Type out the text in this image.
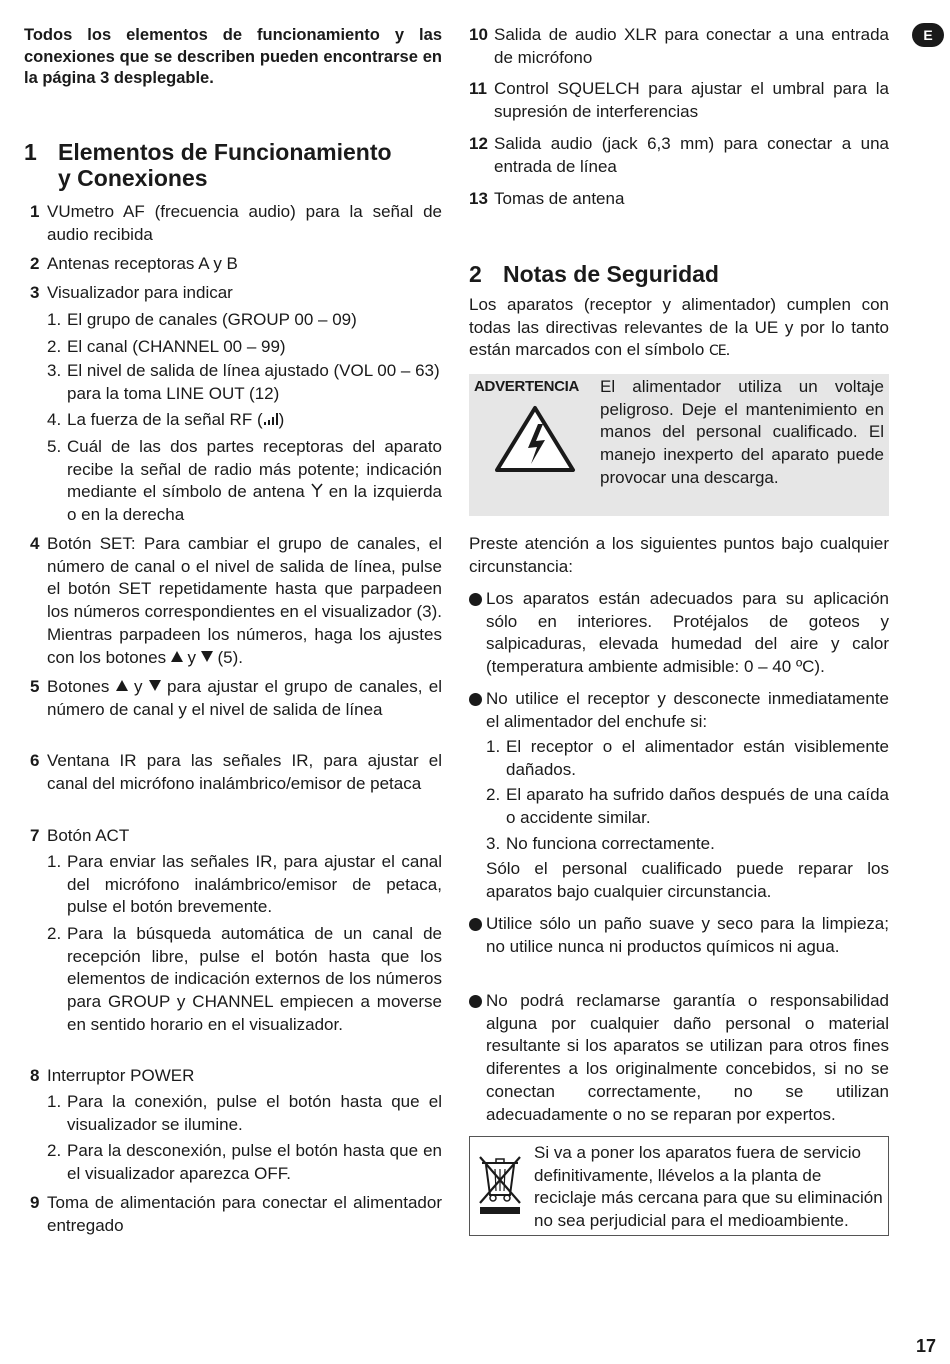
E
17

Todos los elementos de funcionamiento y las conexiones que se describen pueden encontrarse en la página 3 desplegable.

1 Elementos de Funcionamiento
y Conexiones
1 VUmetro AF (frecuencia audio) para la señal de audio recibida
2 Antenas receptoras A y B
3 Visualizador para indicar
1. El grupo de canales (GROUP 00 – 09)
2. El canal (CHANNEL 00 – 99)
3. El nivel de salida de línea ajustado (VOL 00 – 63) para la toma LINE OUT (12)
4. La fuerza de la señal RF ( )
5. Cuál de las dos partes receptoras del aparato recibe la señal de radio más potente; indicación mediante el símbolo de antena  en la izquierda o en la derecha
4 Botón SET: Para cambiar el grupo de canales, el número de canal o el nivel de salida de línea, pulse el botón SET repetidamente hasta que parpadeen los números correspondientes en el visualizador (3). Mientras parpadeen los números, haga los ajustes con los botones  y  (5).
5 Botones  y  para ajustar el grupo de canales, el número de canal y el nivel de salida de línea
6 Ventana IR para las señales IR, para ajustar el canal del micrófono inalámbrico/emisor de petaca
7 Botón ACT
1. Para enviar las señales IR, para ajustar el canal del micrófono inalámbrico/emisor de petaca, pulse el botón brevemente.
2. Para la búsqueda automática de un canal de recepción libre, pulse el botón hasta que los elementos de indicación externos de los números para GROUP y CHANNEL empiecen a moverse en sentido horario en el visualizador.
8 Interruptor POWER
1. Para la conexión, pulse el botón hasta que el visualizador se ilumine.
2. Para la desconexión, pulse el botón hasta que en el visualizador aparezca OFF.
9 Toma de alimentación para conectar el alimentador entregado
10 Salida de audio XLR para conectar a una entrada de micrófono
11 Control SQUELCH para ajustar el umbral para la supresión de interferencias
12 Salida audio (jack 6,3 mm) para conectar a una entrada de línea
13 Tomas de antena
2 Notas de Seguridad

Los aparatos (receptor y alimentador) cumplen con todas las directivas relevantes de la UE y por lo tanto están marcados con el símbolo CE.

ADVERTENCIA El alimentador utiliza un voltaje peligroso. Deje el mantenimiento en manos del personal cualificado. El manejo inexperto del aparato puede provocar una descarga.

Preste atención a los siguientes puntos bajo cualquier circunstancia:

Los aparatos están adecuados para su aplicación sólo en interiores. Protéjalos de goteos y salpicaduras, elevada humedad del aire y calor (temperatura ambiente admisible: 0 – 40 ºC).
No utilice el receptor y desconecte inmediatamente el alimentador del enchufe si:
1. El receptor o el alimentador están visiblemente dañados.
2. El aparato ha sufrido daños después de una caída o accidente similar.
3. No funciona correctamente.

Sólo el personal cualificado puede reparar los aparatos bajo cualquier circunstancia.

Utilice sólo un paño suave y seco para la limpieza; no utilice nunca ni productos químicos ni agua.
No podrá reclamarse garantía o responsabilidad alguna por cualquier daño personal o material resultante si los aparatos se utilizan para otros fines diferentes a los originalmente concebidos, si no se conectan correctamente, no se utilizan adecuadamente o no se reparan por expertos.

Si va a poner los aparatos fuera de servicio definitivamente, llévelos a la planta de reciclaje más cercana para que su eliminación no sea perjudicial para el medioambiente.
